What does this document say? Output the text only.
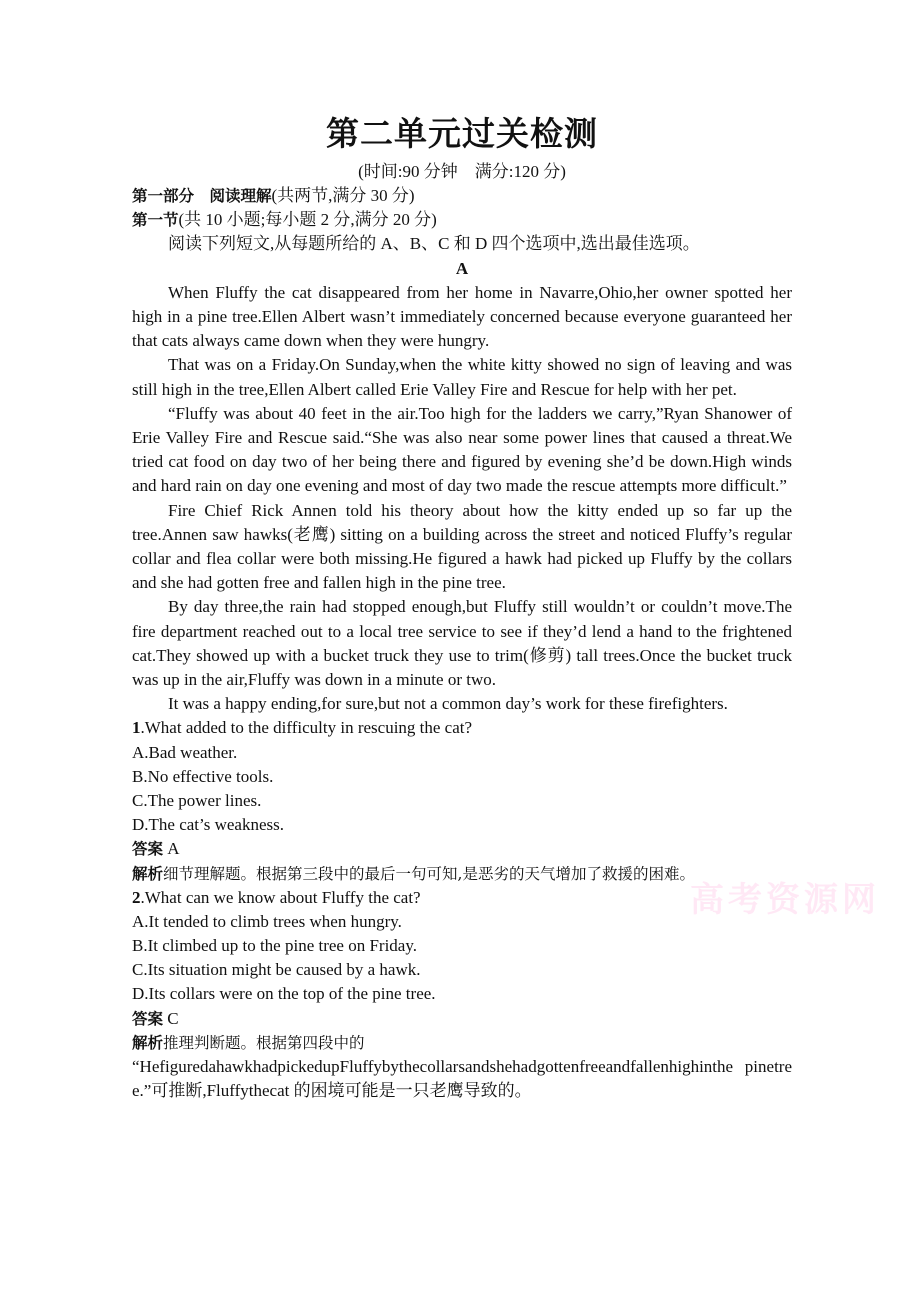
第二单元过关检测
(时间:90 分钟　满分:120 分)
第一部分　阅读理解(共两节,满分 30 分)
第一节(共 10 小题;每小题 2 分,满分 20 分)
阅读下列短文,从每题所给的 A、B、C 和 D 四个选项中,选出最佳选项。
A
When Fluffy the cat disappeared from her home in Navarre,Ohio,her owner spotted her high in a pine tree.Ellen Albert wasn’t immediately concerned because everyone guaranteed her that cats always came down when they were hungry.
That was on a Friday.On Sunday,when the white kitty showed no sign of leaving and was still high in the tree,Ellen Albert called Erie Valley Fire and Rescue for help with her pet.
“Fluffy was about 40 feet in the air.Too high for the ladders we carry,”Ryan Shanower of Erie Valley Fire and Rescue said.“She was also near some power lines that caused a threat.We tried cat food on day two of her being there and figured by evening she’d be down.High winds and hard rain on day one evening and most of day two made the rescue attempts more difficult.”
Fire Chief Rick Annen told his theory about how the kitty ended up so far up the tree.Annen saw hawks(老鹰) sitting on a building across the street and noticed Fluffy’s regular collar and flea collar were both missing.He figured a hawk had picked up Fluffy by the collars and she had gotten free and fallen high in the pine tree.
By day three,the rain had stopped enough,but Fluffy still wouldn’t or couldn’t move.The fire department reached out to a local tree service to see if they’d lend a hand to the frightened cat.They showed up with a bucket truck they use to trim(修剪) tall trees.Once the bucket truck was up in the air,Fluffy was down in a minute or two.
It was a happy ending,for sure,but not a common day’s work for these firefighters.
1.What added to the difficulty in rescuing the cat?
A.Bad weather.
B.No effective tools.
C.The power lines.
D.The cat’s weakness.
答案 A
解析细节理解题。根据第三段中的最后一句可知,是恶劣的天气增加了救援的困难。
2.What can we know about Fluffy the cat?
A.It tended to climb trees when hungry.
B.It climbed up to the pine tree on Friday.
C.Its situation might be caused by a hawk.
D.Its collars were on the top of the pine tree.
答案 C
解析推理判断题。根据第四段中的
“HefiguredahawkhadpickedupFluffybythecollarsandshehadgottenfreeandfallenhighinthe pinetree.”可推断,Fluffythecat 的困境可能是一只老鹰导致的。
高考资源网
